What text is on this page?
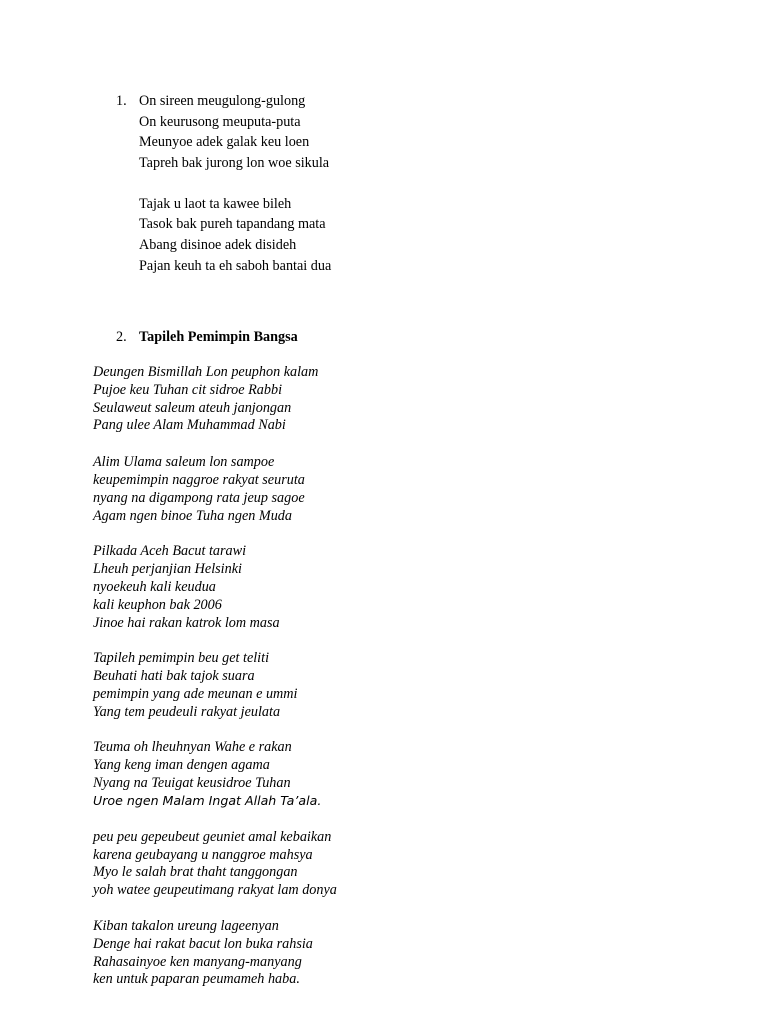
1. On sireen meugulong-gulong
On keurusong meuputa-puta
Meunyoe adek galak keu loen
Tapreh bak jurong lon woe sikula
Tajak u laot ta kawee bileh
Tasok bak pureh tapandang mata
Abang disinoe adek disideh
Pajan keuh ta eh saboh bantai dua
2. Tapileh Pemimpin Bangsa
Deungen Bismillah Lon peuphon kalam
Pujoe keu Tuhan cit sidroe Rabbi
Seulaweut saleum ateuh janjongan
Pang ulee Alam Muhammad Nabi
Alim Ulama saleum lon sampoe
keupemimpin naggroe rakyat seuruta
nyang na digampong rata jeup sagoe
Agam ngen binoe Tuha ngen Muda
Pilkada Aceh Bacut tarawi
Lheuh perjanjian Helsinki
nyoekeuh kali keudua
kali keuphon bak 2006
Jinoe hai rakan katrok lom masa
Tapileh pemimpin beu get teliti
Beuhati hati bak tajok suara
pemimpin yang ade meunan e ummi
Yang tem peudeuli rakyat jeulata
Teuma oh lheuhnyan Wahe e rakan
Yang keng iman dengen agama
Nyang na Teuigat keusidroe Tuhan
Uroe ngen Malam Ingat Allah Ta’ala.
peu peu gepeubeut geuniet amal kebaikan
karena geubayang u nanggroe mahsya
Myo le salah brat thaht tanggongan
yoh watee geupeutimang rakyat lam donya
Kiban takalon ureung lageenyan
Denge hai rakat bacut lon buka rahsia
Rahasainyoe ken manyang-manyang
ken untuk paparan peumameh haba.
